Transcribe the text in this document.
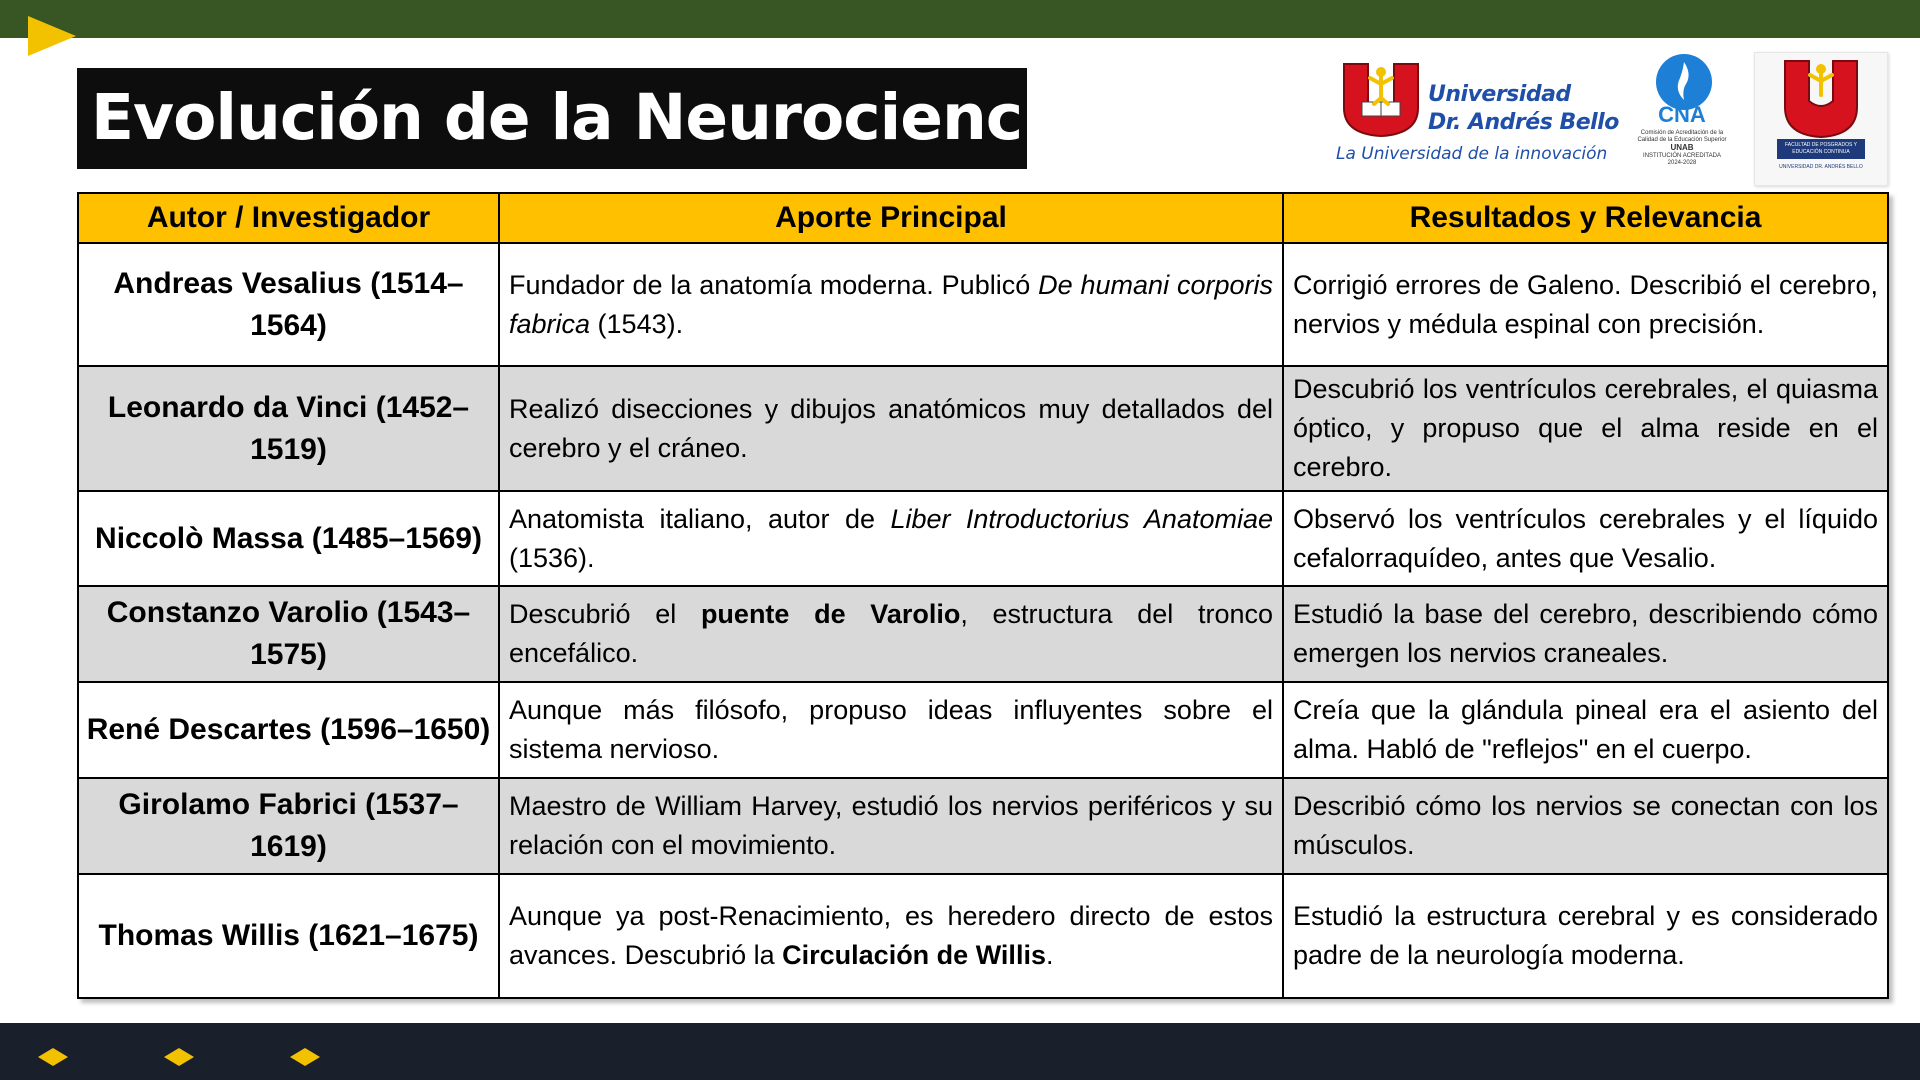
Evolución de la Neurociencias	Universidad
Dr. Andrés Bello
La Universidad de la innovación
CNA
Comisión de Acreditación de la Calidad de la Educación Superior
UNAB
INSTITUCIÓN ACREDITADA
2024-2028
FACULTAD DE POSGRADOS Y EDUCACIÓN CONTINUA
UNIVERSIDAD DR. ANDRÉS BELLO
Autor / Investigador	Aporte Principal	Resultados y Relevancia
Andreas Vesalius (1514–1564)	Fundador de la anatomía moderna. Publicó De humani corporis fabrica (1543).	Corrigió errores de Galeno. Describió el cerebro, nervios y médula espinal con precisión.
Leonardo da Vinci (1452–1519)	Realizó disecciones y dibujos anatómicos muy detallados del cerebro y el cráneo.	Descubrió los ventrículos cerebrales, el quiasma óptico, y propuso que el alma reside en el cerebro.
Niccolò Massa (1485–1569)	Anatomista italiano, autor de Liber Introductorius Anatomiae (1536).	Observó los ventrículos cerebrales y el líquido cefalorraquídeo, antes que Vesalio.
Constanzo Varolio (1543–1575)	Descubrió el puente de Varolio, estructura del tronco encefálico.	Estudió la base del cerebro, describiendo cómo emergen los nervios craneales.
René Descartes (1596–1650)	Aunque más filósofo, propuso ideas influyentes sobre el sistema nervioso.	Creía que la glándula pineal era el asiento del alma. Habló de "reflejos" en el cuerpo.
Girolamo Fabrici (1537–1619)	Maestro de William Harvey, estudió los nervios periféricos y su relación con el movimiento.	Describió cómo los nervios se conectan con los músculos.
Thomas Willis (1621–1675)	Aunque ya post-Renacimiento, es heredero directo de estos avances. Descubrió la Circulación de Willis.	Estudió la estructura cerebral y es considerado padre de la neurología moderna.
